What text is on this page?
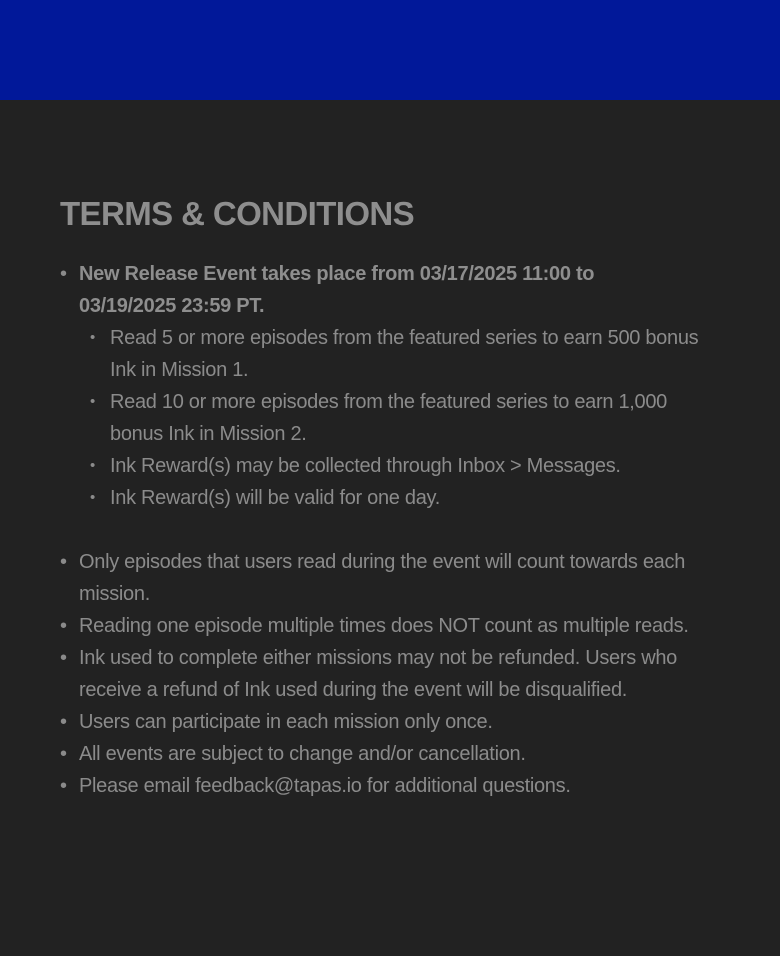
TERMS & CONDITIONS
• New Release Event takes place from 03/17/2025 11:00 to
03/19/2025 23:59 PT.
• Read 5 or more episodes from the featured series to earn 500 bonus Ink in Mission 1.
• Read 10 or more episodes from the featured series to earn 1,000 bonus Ink in Mission 2.
• Ink Reward(s) may be collected through Inbox > Messages.
• Ink Reward(s) will be valid for one day.
• Only episodes that users read during the event will count towards each mission.
• Reading one episode multiple times does NOT count as multiple reads.
• Ink used to complete either missions may not be refunded. Users who receive a refund of Ink used during the event will be disqualified.
• Users can participate in each mission only once.
• All events are subject to change and/or cancellation.
• Please email feedback@tapas.io for additional questions.
